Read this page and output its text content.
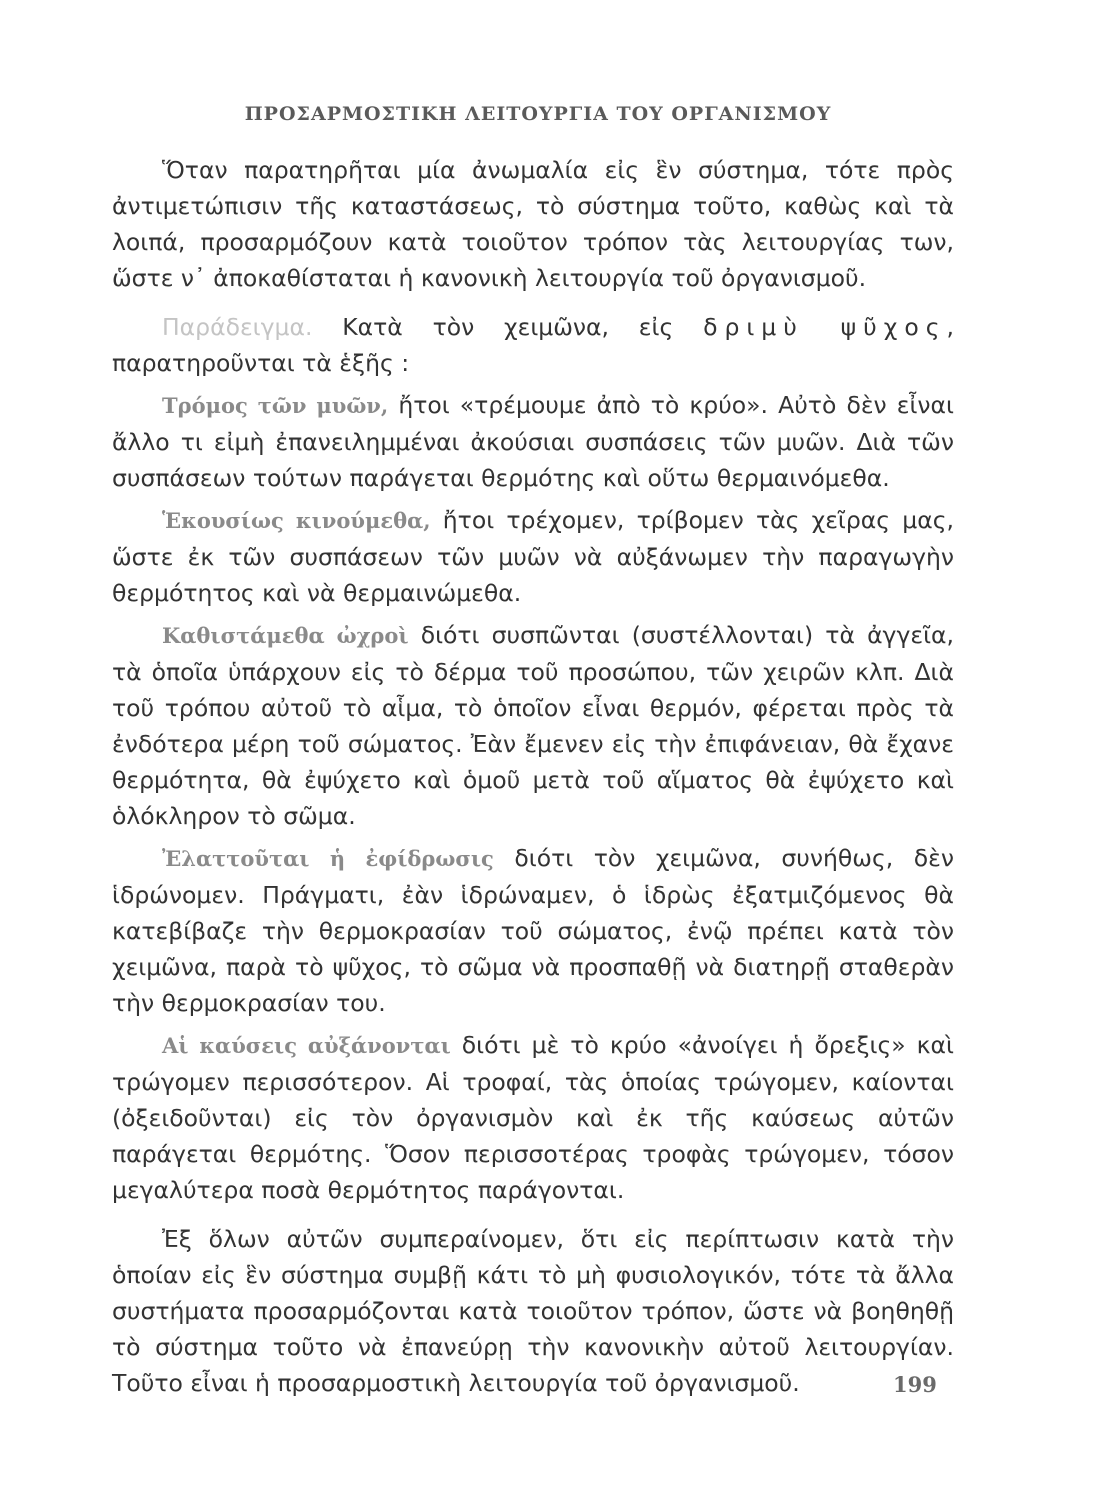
ΠΡΟΣΑΡΜΟΣΤΙΚΗ ΛΕΙΤΟΥΡΓΙΑ ΤΟΥ ΟΡΓΑΝΙΣΜΟΥ

Ὅταν παρατηρῆται μία ἀνωμαλία εἰς ἓν σύστημα, τότε πρὸς ἀντιμετώπισιν τῆς καταστάσεως, τὸ σύστημα τοῦτο, καθὼς καὶ τὰ λοιπά, προσαρμόζουν κατὰ τοιοῦτον τρόπον τὰς λειτουργίας των, ὥστε ν᾽ ἀποκαθίσταται ἡ κανονικὴ λειτουργία τοῦ ὀργανισμοῦ.

Παράδειγμα. Κατὰ τὸν χειμῶνα, εἰς δριμὺ ψῦχος, παρατηροῦνται τὰ ἑξῆς :

Τρόμος τῶν μυῶν, ἤτοι «τρέμουμε ἀπὸ τὸ κρύο». Αὐτὸ δὲν εἶναι ἄλλο τι εἰμὴ ἐπανειλημμέναι ἀκούσιαι συσπάσεις τῶν μυῶν. Διὰ τῶν συσπάσεων τούτων παράγεται θερμότης καὶ οὕτω θερμαινόμεθα.

Ἑκουσίως κινούμεθα, ἤτοι τρέχομεν, τρίβομεν τὰς χεῖρας μας, ὥστε ἐκ τῶν συσπάσεων τῶν μυῶν νὰ αὐξάνωμεν τὴν παραγωγὴν θερμότητος καὶ νὰ θερμαινώμεθα.

Καθιστάμεθα ὠχροὶ διότι συσπῶνται (συστέλλονται) τὰ ἀγγεῖα, τὰ ὁποῖα ὑπάρχουν εἰς τὸ δέρμα τοῦ προσώπου, τῶν χειρῶν κλπ. Διὰ τοῦ τρόπου αὐτοῦ τὸ αἷμα, τὸ ὁποῖον εἶναι θερμόν, φέρεται πρὸς τὰ ἐνδότερα μέρη τοῦ σώματος. Ἐὰν ἔμενεν εἰς τὴν ἐπιφάνειαν, θὰ ἔχανε θερμότητα, θὰ ἐψύχετο καὶ ὁμοῦ μετὰ τοῦ αἵματος θὰ ἐψύχετο καὶ ὁλόκληρον τὸ σῶμα.

Ἐλαττοῦται ἡ ἐφίδρωσις διότι τὸν χειμῶνα, συνήθως, δὲν ἱδρώνομεν. Πράγματι, ἐὰν ἱδρώναμεν, ὁ ἱδρὼς ἐξατμιζόμενος θὰ κατεβίβαζε τὴν θερμοκρασίαν τοῦ σώματος, ἐνῷ πρέπει κατὰ τὸν χειμῶνα, παρὰ τὸ ψῦχος, τὸ σῶμα νὰ προσπαθῇ νὰ διατηρῇ σταθερὰν τὴν θερμοκρασίαν του.

Αἱ καύσεις αὐξάνονται διότι μὲ τὸ κρύο «ἀνοίγει ἡ ὄρεξις» καὶ τρώγομεν περισσότερον. Αἱ τροφαί, τὰς ὁποίας τρώγομεν, καίονται (ὀξειδοῦνται) εἰς τὸν ὀργανισμὸν καὶ ἐκ τῆς καύσεως αὐτῶν παράγεται θερμότης. Ὅσον περισσοτέρας τροφὰς τρώγομεν, τόσον μεγαλύτερα ποσὰ θερμότητος παράγονται.

Ἐξ ὅλων αὐτῶν συμπεραίνομεν, ὅτι εἰς περίπτωσιν κατὰ τὴν ὁποίαν εἰς ἓν σύστημα συμβῇ κάτι τὸ μὴ φυσιολογικόν, τότε τὰ ἄλλα συστήματα προσαρμόζονται κατὰ τοιοῦτον τρόπον, ὥστε νὰ βοηθηθῇ τὸ σύστημα τοῦτο νὰ ἐπανεύρῃ τὴν κανονικὴν αὐτοῦ λειτουργίαν. Τοῦτο εἶναι ἡ προσαρμοστικὴ λειτουργία τοῦ ὀργανισμοῦ.	199
